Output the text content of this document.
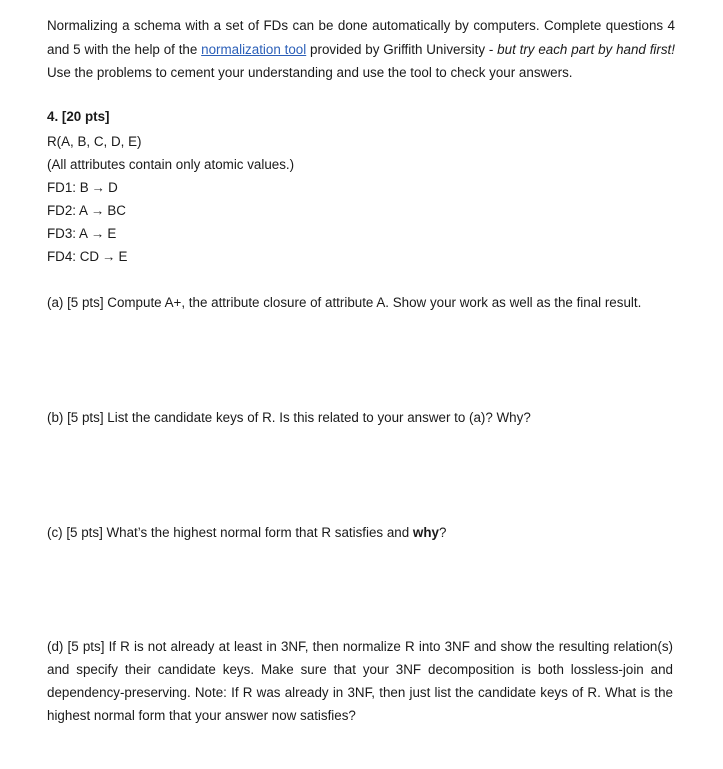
Normalizing a schema with a set of FDs can be done automatically by computers. Complete questions 4 and 5 with the help of the normalization tool provided by Griffith University - but try each part by hand first! Use the problems to cement your understanding and use the tool to check your answers.

4. [20 pts]
R(A, B, C, D, E)
(All attributes contain only atomic values.)
FD1: B → D
FD2: A → BC
FD3: A → E
FD4: CD → E
(a) [5 pts] Compute A+, the attribute closure of attribute A. Show your work as well as the final result.
(b) [5 pts] List the candidate keys of R. Is this related to your answer to (a)? Why?
(c) [5 pts] What’s the highest normal form that R satisfies and why?
(d) [5 pts] If R is not already at least in 3NF, then normalize R into 3NF and show the resulting relation(s) and specify their candidate keys. Make sure that your 3NF decomposition is both lossless-join and dependency-preserving. Note: If R was already in 3NF, then just list the candidate keys of R. What is the highest normal form that your answer now satisfies?
